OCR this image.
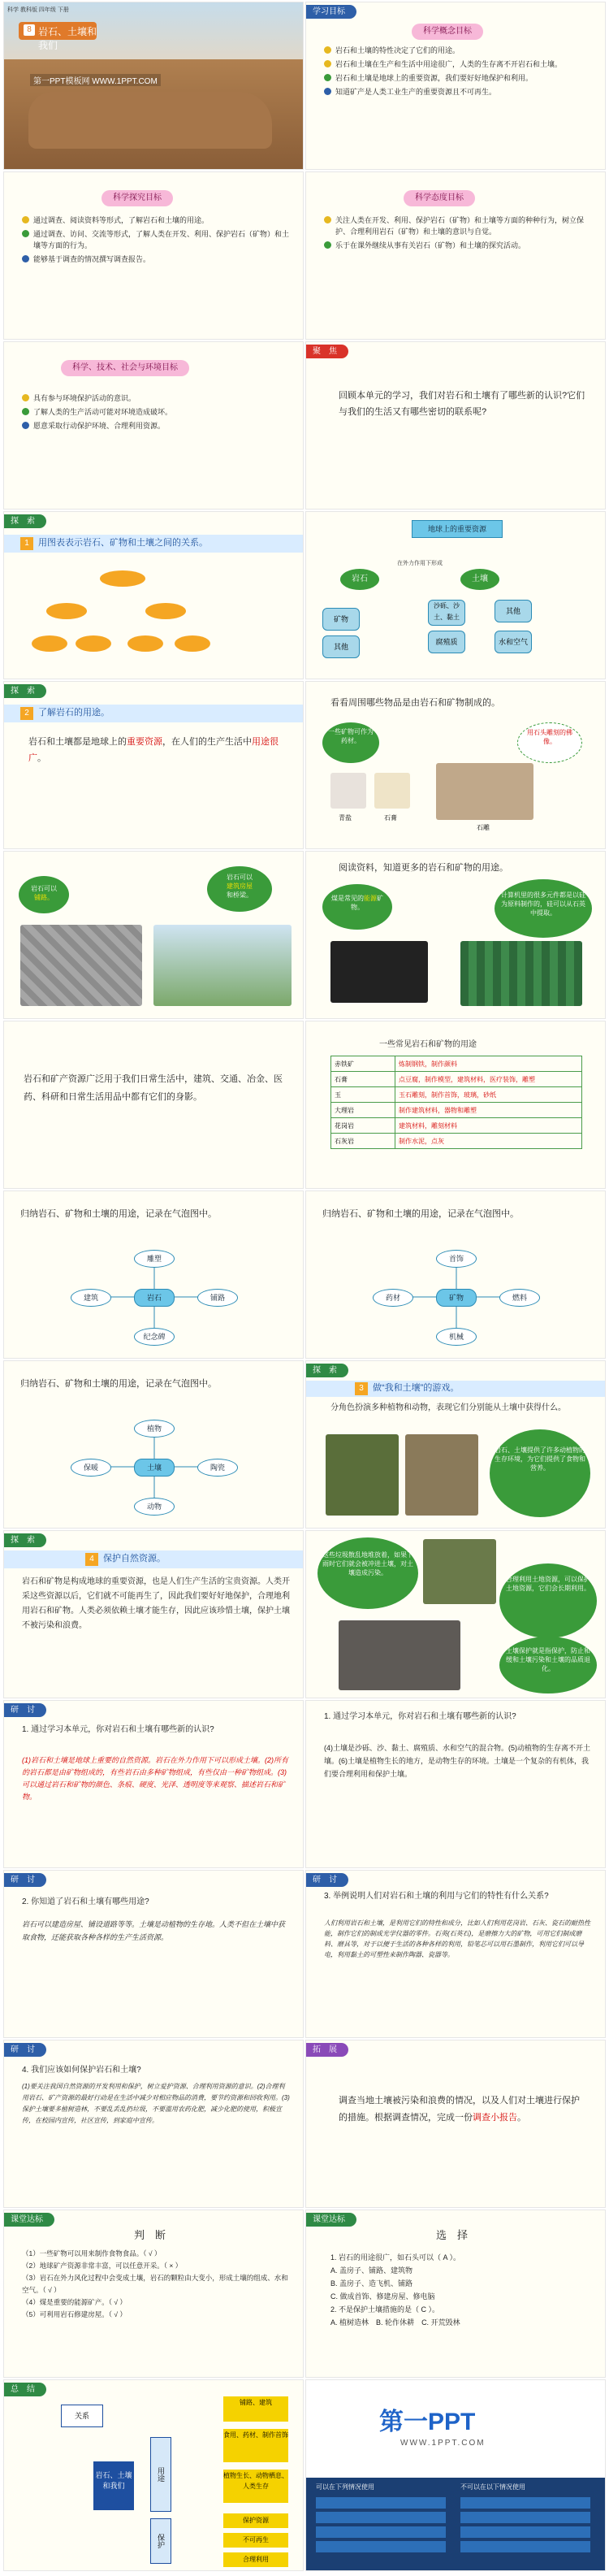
科学 教科版 四年级 下册
8 岩石、土壤和我们
第一PPT模板网 WWW.1PPT.COM
学习目标
科学概念目标
岩石和土壤的特性决定了它们的用途。
岩石和土壤在生产和生活中用途很广，人类的生存离不开岩石和土壤。
岩石和土壤是地球上的重要资源，我们要好好地保护和利用。
知道矿产是人类工业生产的重要资源且不可再生。
科学探究目标
通过调查、阅读资料等形式，了解岩石和土壤的用途。
通过调查、访问、交流等形式，了解人类在开发、利用、保护岩石（矿物）和土壤等方面的行为。
能够基于调查的情况撰写调查报告。
科学态度目标
关注人类在开发、利用、保护岩石（矿物）和土壤等方面的种种行为，树立保护、合理利用岩石（矿物）和土壤的意识与自觉。
乐于在课外继续从事有关岩石（矿物）和土壤的探究活动。
科学、技术、社会与环境目标
具有参与环境保护活动的意识。
了解人类的生产活动可能对环境造成破坏。
愿意采取行动保护环境、合理利用资源。
聚　焦
回顾本单元的学习，我们对岩石和土壤有了哪些新的认识?它们与我们的生活又有哪些密切的联系呢?
探　索
1	用图表表示岩石、矿物和土壤之间的关系。
地球上的重要资源
岩石
在外力作用下形成
土壤
矿物
其他
沙砾、沙土、黏土
其他
腐殖质	水和空气
探　索
2	了解岩石的用途。
岩石和土壤都是地球上的重要资源，在人们的生产生活中用途很广。
看看周围哪些物品是由岩石和矿物制成的。
一些矿物可作为药材。
用石头雕刻的佛像。
青盐	石膏
石雕
岩石可以
铺路。
岩石可以
建筑房屋
和桥梁。
阅读资料，知道更多的岩石和矿物的用途。
煤是常见的能源矿物。
计算机里的很多元件都是以硅为原料制作的，硅可以从石英中提取。
岩石和矿产资源广泛用于我们日常生活中，建筑、交通、冶金、医药、科研和日常生活用品中都有它们的身影。
一些常见岩石和矿物的用途
赤铁矿	炼制钢铁，制作颜料
石膏	点豆腐，制作模型，建筑材料，医疗装饰，雕塑
玉	玉石雕刻，制作首饰，玻璃，砂纸
大理岩	制作建筑材料，器物和雕塑
花岗岩	建筑材料，雕刻材料
石灰岩	制作水泥，点灰
归纳岩石、矿物和土壤的用途，记录在气泡图中。
岩石
雕塑
建筑	铺路
纪念碑
归纳岩石、矿物和土壤的用途，记录在气泡图中。
矿物
首饰
药材	燃料
机械
归纳岩石、矿物和土壤的用途，记录在气泡图中。
土壤
植物
保暖	陶瓷
动物
探　索
3	做“我和土壤”的游戏。
分角色扮演多种植物和动物，表现它们分别能从土壤中获得什么。
岩石、土壤提供了许多动植物的生存环境，为它们提供了食物和营养。
探　索
4	保护自然资源。
岩石和矿物是构成地球的重要资源，也是人们生产生活的宝贵资源。人类开采这些资源以后，它们就不可能再生了，因此我们要好好地保护，合理地利用岩石和矿物。人类必须依赖土壤才能生存，因此应该珍惜土壤，保护土壤不被污染和浪费。
这些垃圾散乱地堆放着，如果下雨时它们就会被冲进土壤，对土壤造成污染。
合理利用土地资源，可以保护土地资源，它们会长期利用。
土壤保护就是指保护，防止和缓和土壤污染和土壤的品质退化。
研　讨
1. 通过学习本单元，你对岩石和土壤有哪些新的认识?
(1)岩石和土壤是地球上重要的自然资源。岩石在外力作用下可以形成土壤。(2)所有的岩石都是由矿物组成的，有些岩石由多种矿物组成，有些仅由一种矿物组成。(3)可以通过岩石和矿物的颜色、条痕、硬度、光泽、透明度等来观察、描述岩石和矿物。
1. 通过学习本单元，你对岩石和土壤有哪些新的认识?
(4)土壤是沙砾、沙、黏土、腐殖质、水和空气的混合物。(5)动植物的生存离不开土壤。(6)土壤是植物生长的地方，是动物生存的环境。土壤是一个复杂的有机体，我们要合理利用和保护土壤。
研　讨
2. 你知道了岩石和土壤有哪些用途?
岩石可以建造房屋、铺设道路等等。土壤是动植物的生存地。人类不但在土壤中获取食物，还能获取各种各样的生产生活资源。
研　讨
3. 举例说明人们对岩石和土壤的利用与它们的特性有什么关系?
人们利用岩石和土壤，是利用它们的特性和成分，比如人们利用花岗岩、石灰、瓷石的耐热性能，制作它们的制成光学仪器的零件。石英(石英石)，是磨擦力大的矿物，可用它们制成磨料、磨具等，对于以便于生活的各种各样的利用，铅笔芯可以用石墨制作，利用它们可以导电，利用黏土的可塑性来制作陶器、瓷器等。
研　讨
4. 我们应该如何保护岩石和土壤?
(1)要关注我国自然资源的开发利用和保护，树立爱护资源、合理利用资源的意识。(2)合理利用岩石、矿产资源的最好行动是在生活中减少对相应物品的消费，要节约资源和回收利用。(3)保护土壤要多植树造林，不要乱丢乱扔垃圾，不要滥用农药化肥，减少化肥的使用，积极宣传，在校园内宣传，社区宣传，到家庭中宣传。
拓　展
调查当地土壤被污染和浪费的情况，以及人们对土壤进行保护的措施。根据调查情况，完成一份调查小报告。
课堂达标
判　断
（1）一些矿物可以用来制作食物食品。（ √ ）
（2）地球矿产资源非常丰富，可以任意开采。（ × ）
（3）岩石在外力风化过程中会变成土壤，岩石的颗粒由大变小，形成土壤的组成、水和空气。（ √ ）
（4）煤是重要的能源矿产。（ √ ）
（5）可利用岩石修建房屋。（ √ ）
课堂达标
选　择
1. 岩石的用途很广，如石头可以（ A ）。
A. 盖房子、铺路、建筑物
B. 盖房子、造飞机、铺路
C. 做成首饰、修建房屋、修电脑
2. 不是保护土壤措施的是（ C ）。
A. 植树造林　 B. 轮作休耕　 C. 开荒毁林
总　结
岩石、土壤和我们
关系
用途
保护
铺路、建筑
食用、药材、制作首饰
植物生长、动物栖息、人类生存
保护资源
不可再生
合理利用
第一PPT
WWW.1PPT.COM
可以在下列情况使用	不可以在以下情况使用
